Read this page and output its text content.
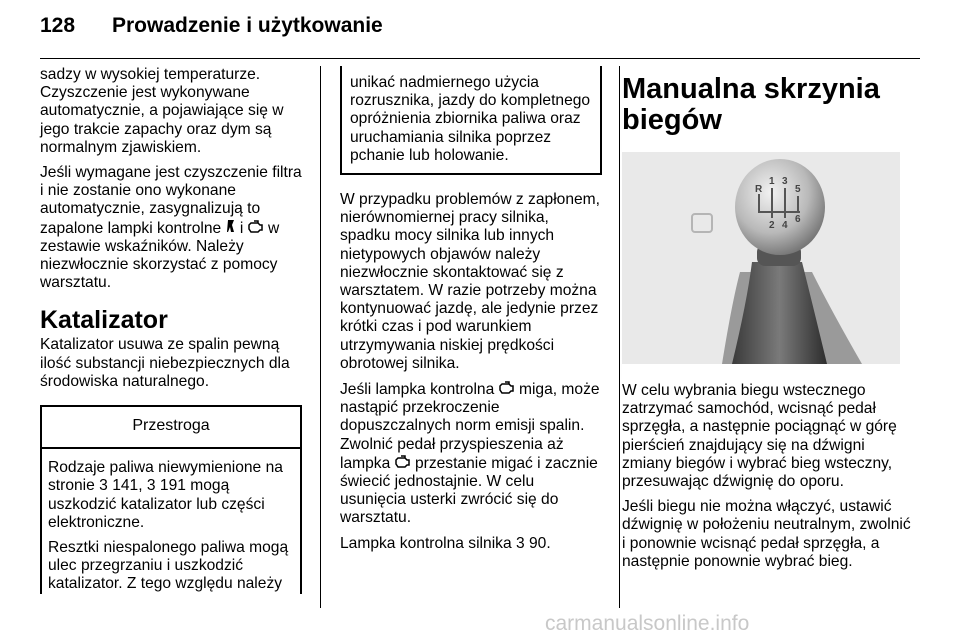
128 Prowadzenie i użytkowanie

sadzy w wysokiej temperaturze. Czyszczenie jest wykonywane automatycznie, a pojawiające się w jego trakcie zapachy oraz dym są normalnym zjawiskiem.

Jeśli wymagane jest czyszczenie filtra i nie zostanie ono wykonane automatycznie, zasygnalizują to zapalone lampki kontrolne i w zestawie wskaźników. Należy niezwłocznie skorzystać z pomocy warsztatu.

Katalizator

Katalizator usuwa ze spalin pewną ilość substancji niebezpiecznych dla środowiska naturalnego.

Przestroga

Rodzaje paliwa niewymienione na stronie 3 141, 3 191 mogą uszkodzić katalizator lub części elektroniczne.

Resztki niespalonego paliwa mogą ulec przegrzaniu i uszkodzić katalizator. Z tego względu należy

unikać nadmiernego użycia rozrusznika, jazdy do kompletnego opróżnienia zbiornika paliwa oraz uruchamiania silnika poprzez pchanie lub holowanie.

W przypadku problemów z zapłonem, nierównomiernej pracy silnika, spadku mocy silnika lub innych nietypowych objawów należy niezwłocznie skontaktować się z warsztatem. W razie potrzeby można kontynuować jazdę, ale jedynie przez krótki czas i pod warunkiem utrzymywania niskiej prędkości obrotowej silnika.

Jeśli lampka kontrolna miga, może nastąpić przekroczenie dopuszczalnych norm emisji spalin. Zwolnić pedał przyspieszenia aż lampka przestanie migać i zacznie świecić jednostajnie. W celu usunięcia usterki zwrócić się do warsztatu.

Lampka kontrolna silnika 3 90.

Manualna skrzynia biegów
R
1 3
5
2 4
6

W celu wybrania biegu wstecznego zatrzymać samochód, wcisnąć pedał sprzęgła, a następnie pociągnąć w górę pierścień znajdujący się na dźwigni zmiany biegów i wybrać bieg wsteczny, przesuwając dźwignię do oporu.

Jeśli biegu nie można włączyć, ustawić dźwignię w położeniu neutralnym, zwolnić i ponownie wcisnąć pedał sprzęgła, a następnie ponownie wybrać bieg.

carmanualsonline.info
